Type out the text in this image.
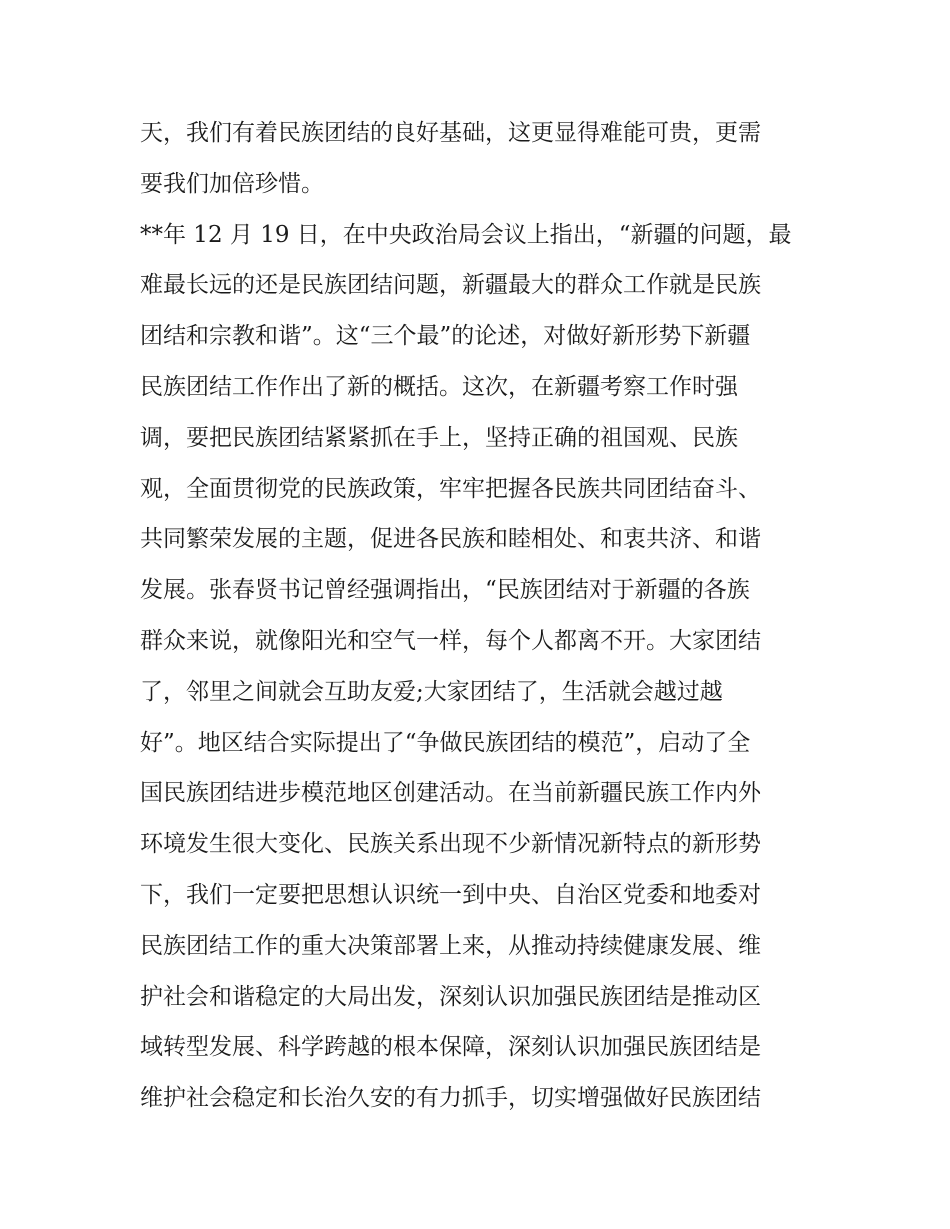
天，我们有着民族团结的良好基础，这更显得难能可贵，更需
要我们加倍珍惜。
**年 12 月 19 日，在中央政治局会议上指出，“新疆的问题，最
难最长远的还是民族团结问题，新疆最大的群众工作就是民族
团结和宗教和谐”。这“三个最”的论述，对做好新形势下新疆
民族团结工作作出了新的概括。这次，在新疆考察工作时强
调，要把民族团结紧紧抓在手上，坚持正确的祖国观、民族
观，全面贯彻党的民族政策，牢牢把握各民族共同团结奋斗、
共同繁荣发展的主题，促进各民族和睦相处、和衷共济、和谐
发展。张春贤书记曾经强调指出，“民族团结对于新疆的各族
群众来说，就像阳光和空气一样，每个人都离不开。大家团结
了，邻里之间就会互助友爱;大家团结了，生活就会越过越
好”。地区结合实际提出了“争做民族团结的模范”，启动了全
国民族团结进步模范地区创建活动。在当前新疆民族工作内外
环境发生很大变化、民族关系出现不少新情况新特点的新形势
下，我们一定要把思想认识统一到中央、自治区党委和地委对
民族团结工作的重大决策部署上来，从推动持续健康发展、维
护社会和谐稳定的大局出发，深刻认识加强民族团结是推动区
域转型发展、科学跨越的根本保障，深刻认识加强民族团结是
维护社会稳定和长治久安的有力抓手，切实增强做好民族团结
